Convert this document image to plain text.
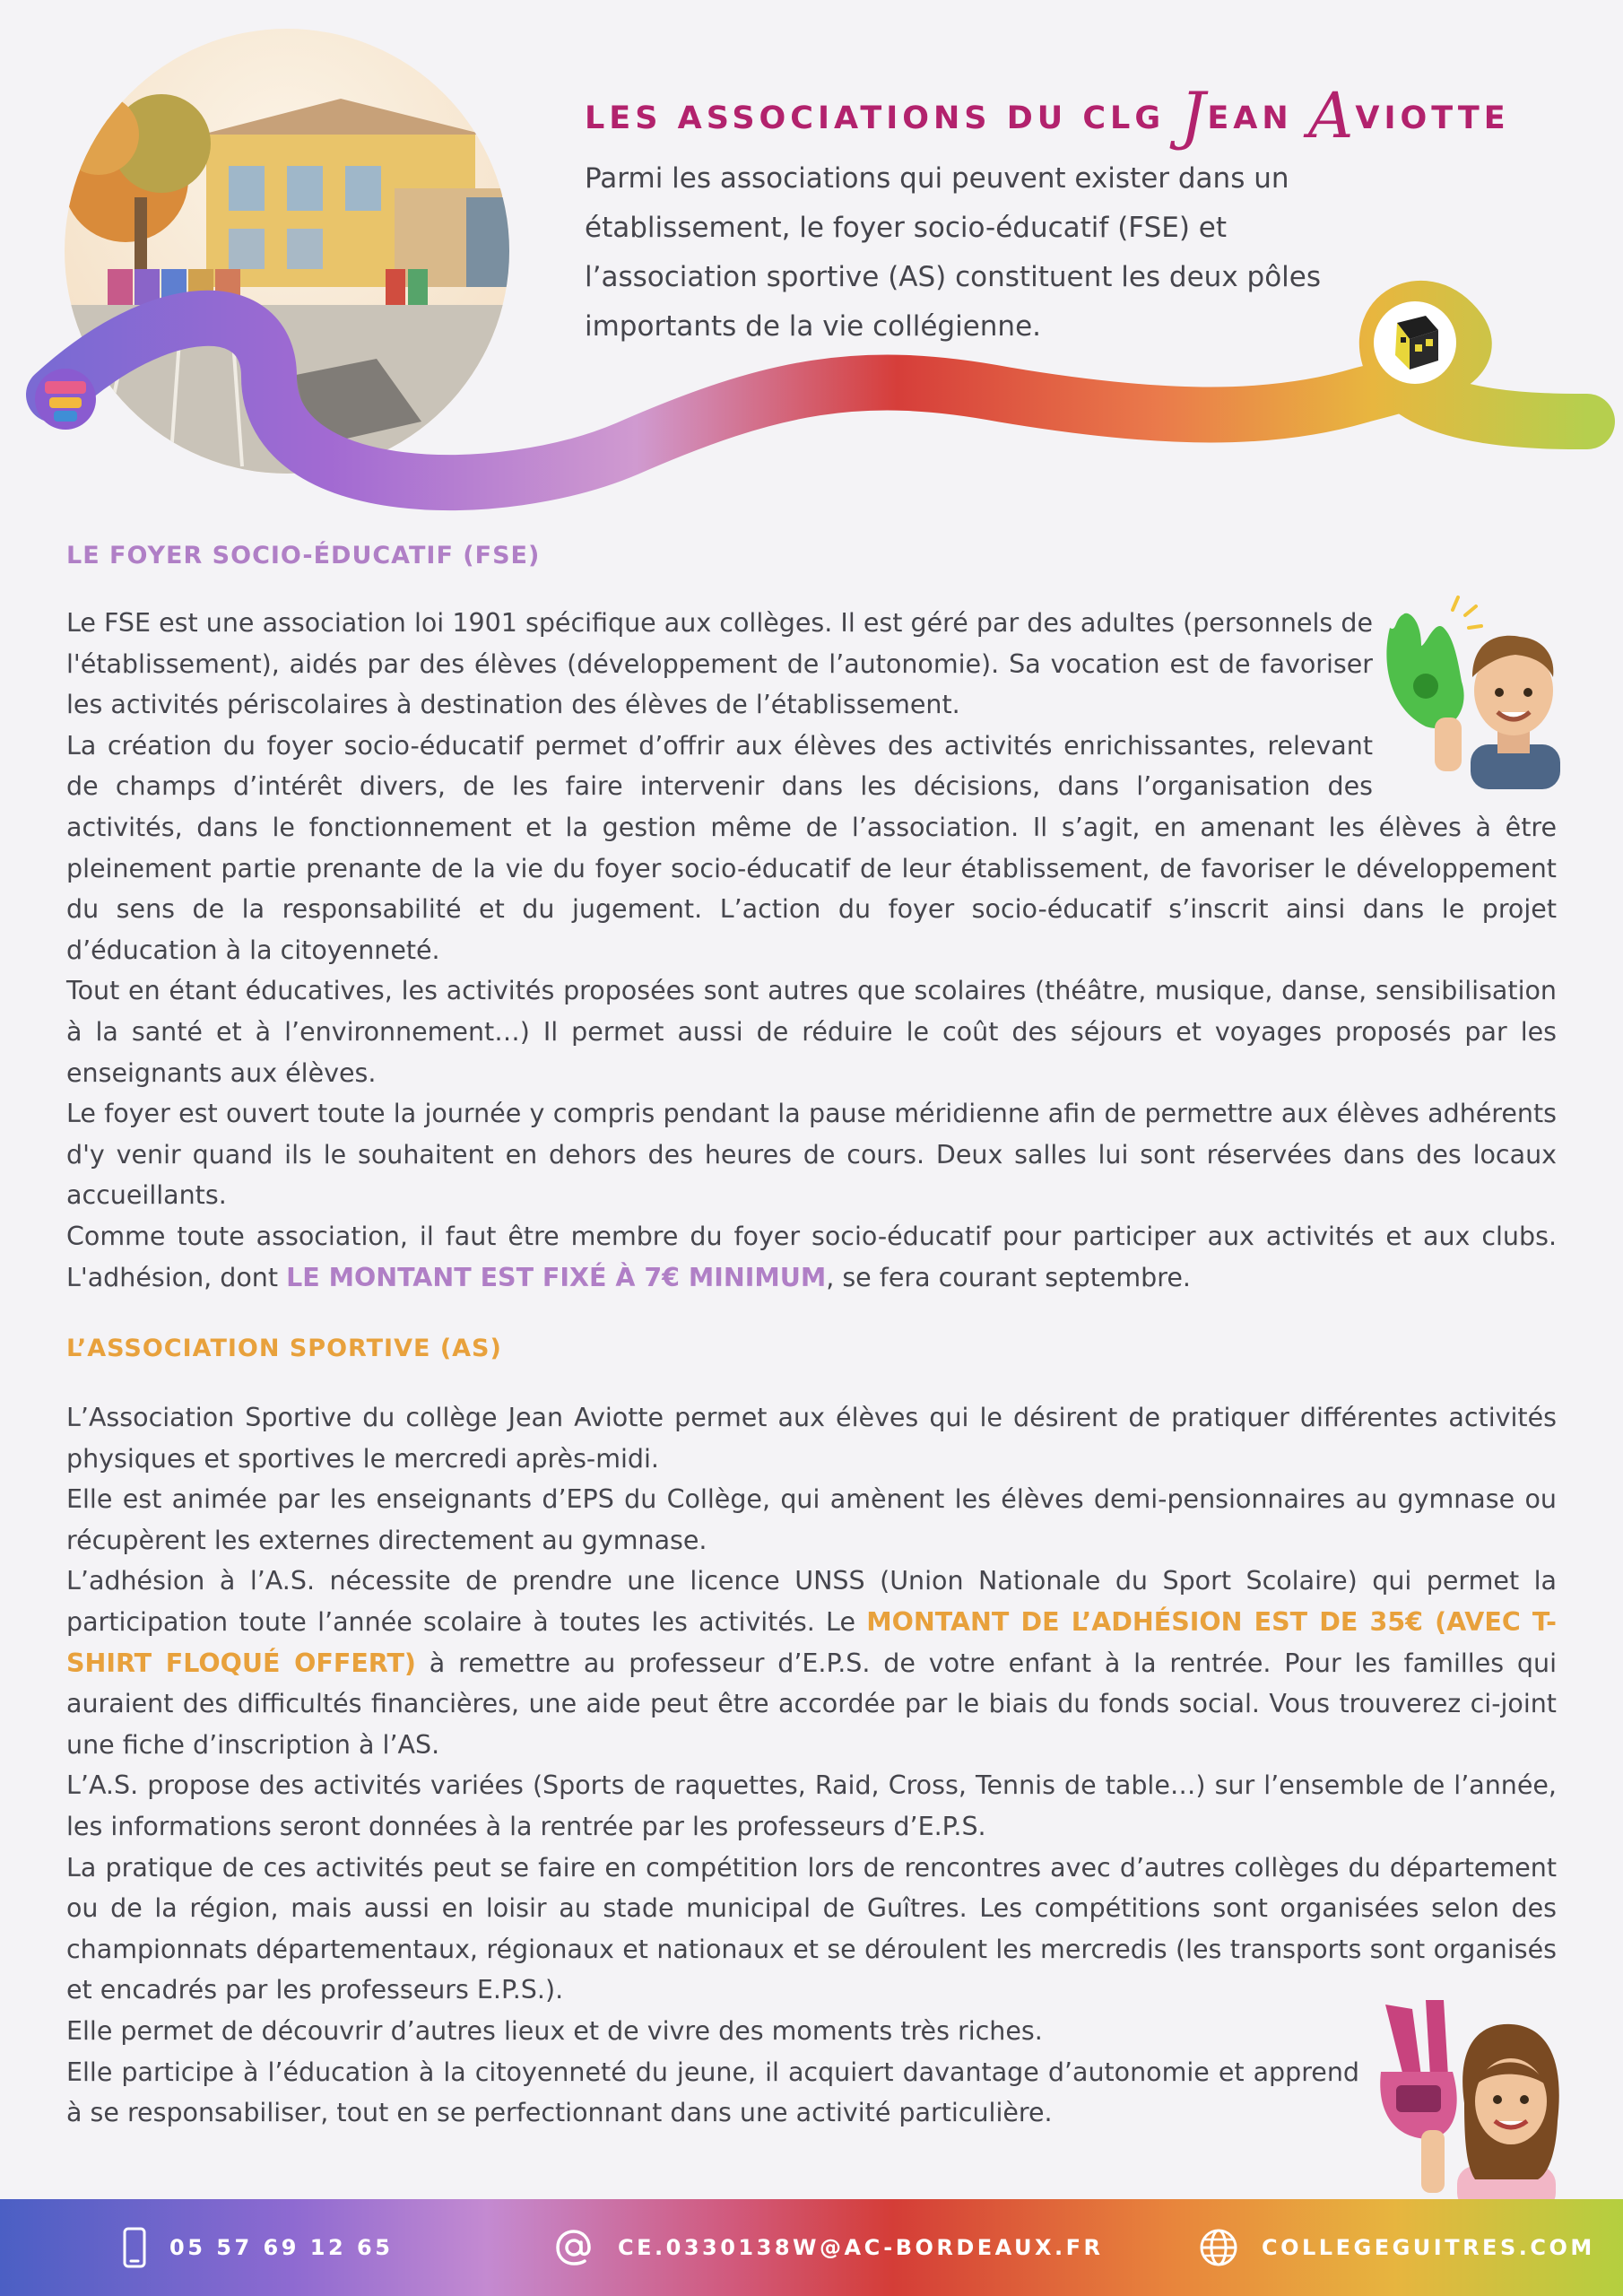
LES ASSOCIATIONS DU CLG JEAN AVIOTTE
Parmi les associations qui peuvent exister dans un établissement, le foyer socio-éducatif (FSE) et l’association sportive (AS) constituent les deux pôles importants de la vie collégienne.
LE FOYER SOCIO-ÉDUCATIF (FSE)

Le FSE est une association loi 1901 spécifique aux collèges. Il est géré par des adultes (personnels de l'établissement), aidés par des élèves (développement de l’autonomie). Sa vocation est de favoriser les activités périscolaires à destination des élèves de l’établissement.

La création du foyer socio-éducatif permet d’offrir aux élèves des activités enrichissantes, relevant de champs d’intérêt divers, de les faire intervenir dans les décisions, dans l’organisation des activités, dans le fonctionnement et la gestion même de l’association. Il s’agit, en amenant les élèves à être pleinement partie prenante de la vie du foyer socio-éducatif de leur établissement, de favoriser le développement du sens de la responsabilité et du jugement. L’action du foyer socio-éducatif s’inscrit ainsi dans le projet d’éducation à la citoyenneté.

Tout en étant éducatives, les activités proposées sont autres que scolaires (théâtre, musique, danse, sensibilisation à la santé et à l’environnement…) Il permet aussi de réduire le coût des séjours et voyages proposés par les enseignants aux élèves.

Le foyer est ouvert toute la journée y compris pendant la pause méridienne afin de permettre aux élèves adhérents d'y venir quand ils le souhaitent en dehors des heures de cours. Deux salles lui sont réservées dans des locaux accueillants.

Comme toute association, il faut être membre du foyer socio-éducatif pour participer aux activités et aux clubs. L'adhésion, dont LE MONTANT EST FIXÉ À 7€ MINIMUM, se fera courant septembre.

L’ASSOCIATION SPORTIVE (AS)

L’Association Sportive du collège Jean Aviotte permet aux élèves qui le désirent de pratiquer différentes activités physiques et sportives le mercredi après-midi.

Elle est animée par les enseignants d’EPS du Collège, qui amènent les élèves demi-pensionnaires au gymnase ou récupèrent les externes directement au gymnase.

L’adhésion à l’A.S. nécessite de prendre une licence UNSS (Union Nationale du Sport Scolaire) qui permet la participation toute l’année scolaire à toutes les activités. Le MONTANT DE L’ADHÉSION EST DE 35€ (AVEC T-SHIRT FLOQUÉ OFFERT) à remettre au professeur d’E.P.S. de votre enfant à la rentrée. Pour les familles qui auraient des difficultés financières, une aide peut être accordée par le biais du fonds social. Vous trouverez ci-joint une fiche d’inscription à l’AS.

L’A.S. propose des activités variées (Sports de raquettes, Raid, Cross, Tennis de table…) sur l’ensemble de l’année, les informations seront données à la rentrée par les professeurs d’E.P.S.

La pratique de ces activités peut se faire en compétition lors de rencontres avec d’autres collèges du département ou de la région, mais aussi en loisir au stade municipal de Guîtres. Les compétitions sont organisées selon des championnats départementaux, régionaux et nationaux et se déroulent les mercredis (les transports sont organisés et encadrés par les professeurs E.P.S.).

Elle permet de découvrir d’autres lieux et de vivre des moments très riches.

Elle participe à l’éducation à la citoyenneté du jeune, il acquiert davantage d’autonomie et apprend à se responsabiliser, tout en se perfectionnant dans une activité particulière.

05 57 69 12 65	CE.0330138W@AC-BORDEAUX.FR	COLLEGEGUITRES.COM
